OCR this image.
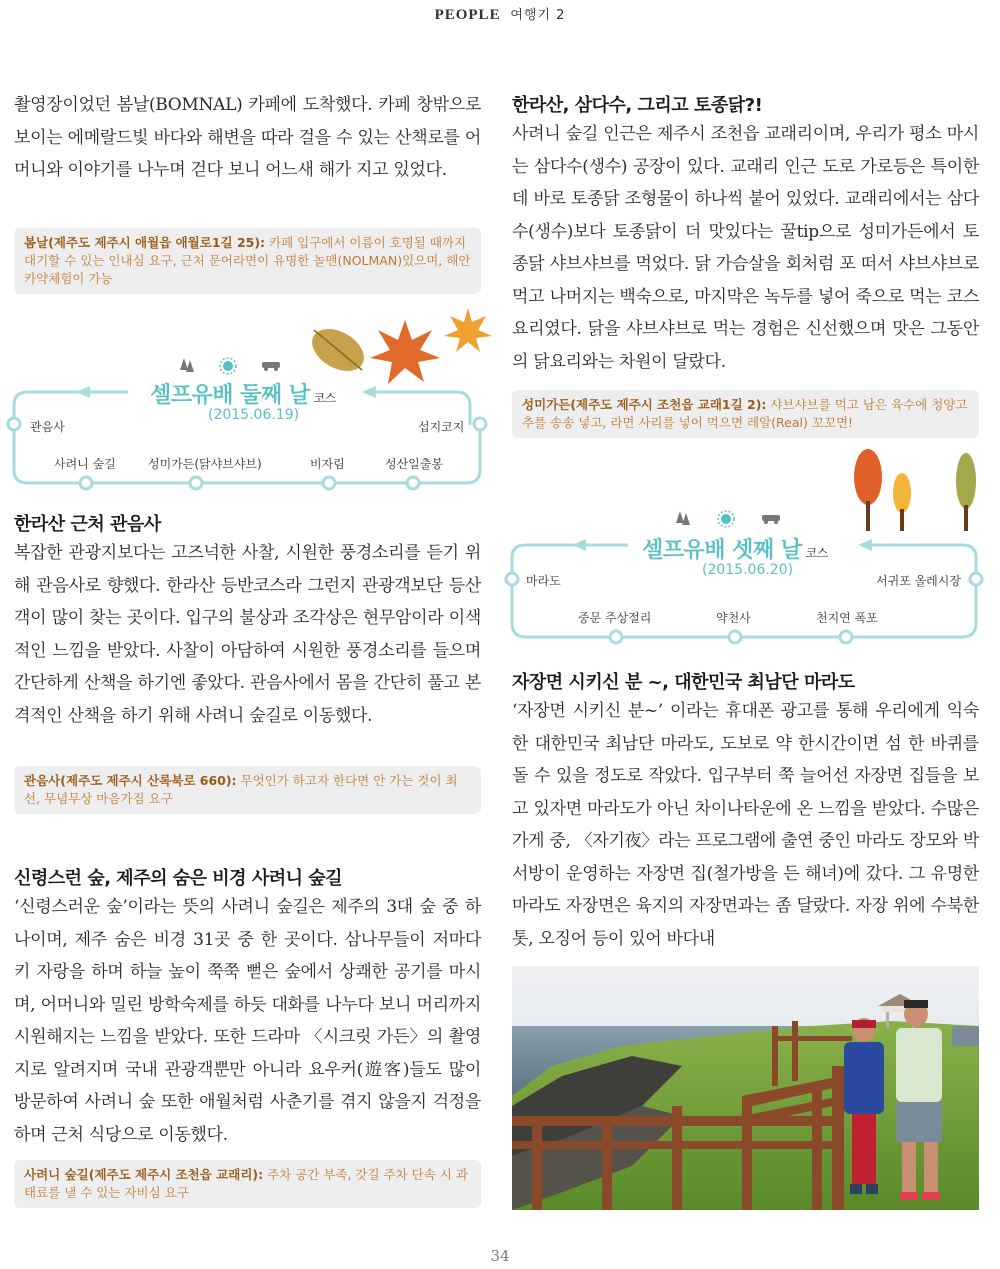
PEOPLE 여행기 2

촬영장이었던 봄날(BOMNAL) 카페에 도착했다. 카페 창밖으로 보이는 에메랄드빛 바다와 해변을 따라 걸을 수 있는 산책로를 어머니와 이야기를 나누며 걷다 보니 어느새 해가 지고 있었다.

봄날(제주도 제주시 애월읍 애월로1길 25): 카페 입구에서 이름이 호명될 때까지 대기할 수 있는 인내심 요구, 근처 문어라면이 유명한 놀맨(NOLMAN)있으며, 해안 카약체험이 가능
셀프유배 둘째 날 코스
(2015.06.19)
관음사	섭지코지
사려니 숲길	성미가든(닭샤브샤브)	비자림	성산일출봉
한라산 근처 관음사

복잡한 관광지보다는 고즈넉한 사찰, 시원한 풍경소리를 듣기 위해 관음사로 향했다. 한라산 등반코스라 그런지 관광객보단 등산객이 많이 찾는 곳이다. 입구의 불상과 조각상은 현무암이라 이색적인 느낌을 받았다. 사찰이 아담하여 시원한 풍경소리를 들으며 간단하게 산책을 하기엔 좋았다. 관음사에서 몸을 간단히 풀고 본격적인 산책을 하기 위해 사려니 숲길로 이동했다.

관음사(제주도 제주시 산록북로 660): 무엇인가 하고자 한다면 안 가는 것이 최선, 무념무상 마음가짐 요구
신령스런 숲, 제주의 숨은 비경 사려니 숲길

‘신령스러운 숲’이라는 뜻의 사려니 숲길은 제주의 3대 숲 중 하나이며, 제주 숨은 비경 31곳 중 한 곳이다. 삼나무들이 저마다 키 자랑을 하며 하늘 높이 쭉쭉 뻗은 숲에서 상쾌한 공기를 마시며, 어머니와 밀린 방학숙제를 하듯 대화를 나누다 보니 머리까지 시원해지는 느낌을 받았다. 또한 드라마 〈시크릿 가든〉의 촬영지로 알려지며 국내 관광객뿐만 아니라 요우커(遊客)들도 많이 방문하여 사려니 숲 또한 애월처럼 사춘기를 겪지 않을지 걱정을 하며 근처 식당으로 이동했다.

사려니 숲길(제주도 제주시 조천읍 교래리): 주차 공간 부족, 갓길 주차 단속 시 과태료를 낼 수 있는 자비심 요구
한라산, 삼다수, 그리고 토종닭?!

사려니 숲길 인근은 제주시 조천읍 교래리이며, 우리가 평소 마시는 삼다수(생수) 공장이 있다. 교래리 인근 도로 가로등은 특이한데 바로 토종닭 조형물이 하나씩 붙어 있었다. 교래리에서는 삼다수(생수)보다 토종닭이 더 맛있다는 꿀tip으로 성미가든에서 토종닭 샤브샤브를 먹었다. 닭 가슴살을 회처럼 포 떠서 샤브샤브로 먹고 나머지는 백숙으로, 마지막은 녹두를 넣어 죽으로 먹는 코스요리였다. 닭을 샤브샤브로 먹는 경험은 신선했으며 맛은 그동안의 닭요리와는 차원이 달랐다.

성미가든(제주도 제주시 조천읍 교래1길 2): 샤브샤브를 먹고 남은 육수에 청양고추를 송송 넣고, 라면 사리를 넣어 먹으면 레알(Real) 꼬꼬면!
셀프유배 셋째 날 코스
(2015.06.20)
마라도	서귀포 올레시장
중문 주상절리	약천사	천지연 폭포
자장면 시키신 분 ~, 대한민국 최남단 마라도

‘자장면 시키신 분~’ 이라는 휴대폰 광고를 통해 우리에게 익숙한 대한민국 최남단 마라도, 도보로 약 한시간이면 섬 한 바퀴를 돌 수 있을 정도로 작았다. 입구부터 쭉 늘어선 자장면 집들을 보고 있자면 마라도가 아닌 차이나타운에 온 느낌을 받았다. 수많은 가게 중, 〈자기夜〉라는 프로그램에 출연 중인 마라도 장모와 박서방이 운영하는 자장면 집(철가방을 든 해녀)에 갔다. 그 유명한 마라도 자장면은 육지의 자장면과는 좀 달랐다. 자장 위에 수북한 톳, 오징어 등이 있어 바다내

34
